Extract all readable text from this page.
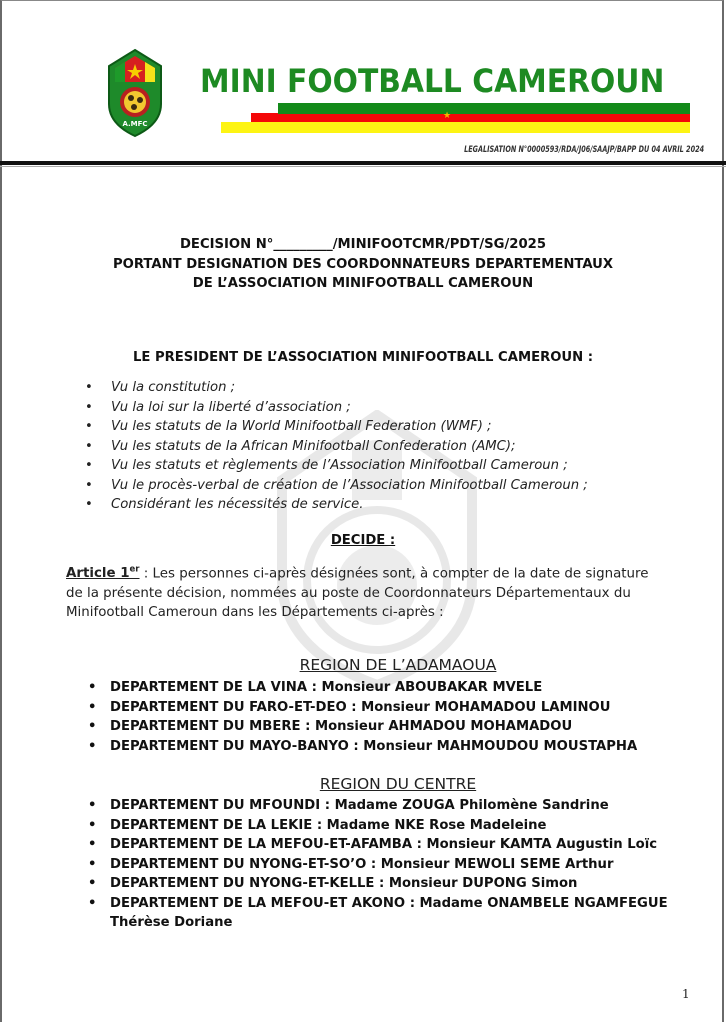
A.MFC
MINI FOOTBALL CAMEROUN
★
LEGALISATION N°0000593/RDA/J06/SAAJP/BAPP DU 04 AVRIL 2024
DECISION N°_________/MINIFOOTCMR/PDT/SG/2025
PORTANT DESIGNATION DES COORDONNATEURS DEPARTEMENTAUX
DE L’ASSOCIATION MINIFOOTBALL CAMEROUN
LE PRESIDENT DE L’ASSOCIATION MINIFOOTBALL CAMEROUN :
• Vu la constitution ;
• Vu la loi sur la liberté d’association ;
• Vu les statuts de la World Minifootball Federation (WMF) ;
• Vu les statuts de la African Minifootball Confederation (AMC);
• Vu les statuts et règlements de l’Association Minifootball Cameroun ;
• Vu le procès-verbal de création de l’Association Minifootball Cameroun ;
• Considérant les nécessités de service.
DECIDE :
Article 1er : Les personnes ci-après désignées sont, à compter de la date de signature de la présente décision, nommées au poste de Coordonnateurs Départementaux du Minifootball Cameroun dans les Départements ci-après :
REGION DE L’ADAMAOUA
• DEPARTEMENT DE LA VINA : Monsieur ABOUBAKAR MVELE
• DEPARTEMENT DU FARO-ET-DEO : Monsieur MOHAMADOU LAMINOU
• DEPARTEMENT DU MBERE : Monsieur AHMADOU MOHAMADOU
• DEPARTEMENT DU MAYO-BANYO : Monsieur MAHMOUDOU MOUSTAPHA
REGION DU CENTRE
• DEPARTEMENT DU MFOUNDI : Madame ZOUGA Philomène Sandrine
• DEPARTEMENT DE LA LEKIE : Madame NKE Rose Madeleine
• DEPARTEMENT DE LA MEFOU-ET-AFAMBA : Monsieur KAMTA Augustin Loïc
• DEPARTEMENT DU NYONG-ET-SO’O : Monsieur MEWOLI SEME Arthur
• DEPARTEMENT DU NYONG-ET-KELLE : Monsieur DUPONG Simon
• DEPARTEMENT DE LA MEFOU-ET AKONO : Madame ONAMBELE NGAMFEGUE Thérèse Doriane
1
